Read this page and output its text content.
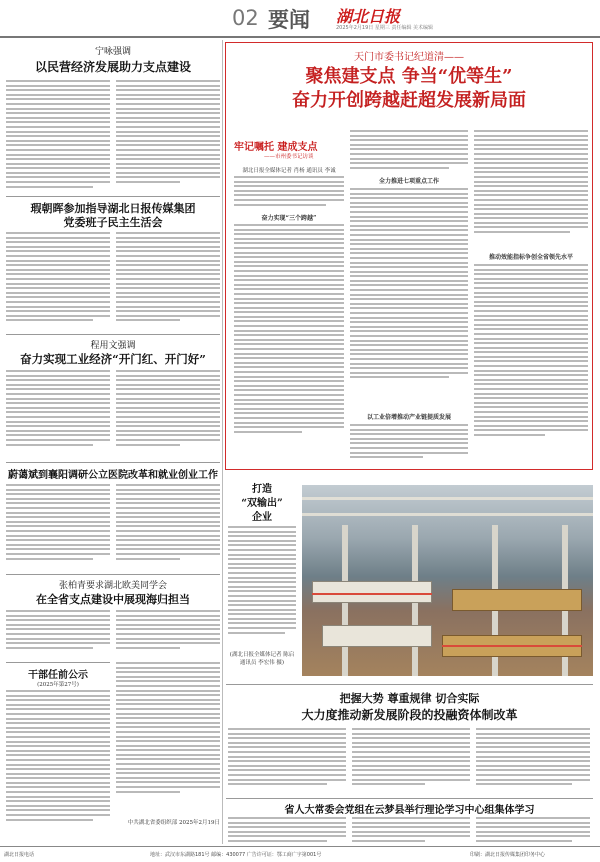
02 要闻 湖北日报
2025年2月19日 星期三 责任编辑 美术编辑
宁咏强调
以民营经济发展助力支点建设
瑕朝晖参加指导湖北日报传媒集团
党委班子民主生活会
程用文强调
奋力实现工业经济“开门红、开门好”
天门市委书记纪道清——
聚焦建支点 争当“优等生”
奋力开创跨越赶超发展新局面
牢记嘱托 建成支点
——市州委书记访谈
湖北日报全媒体记者 肖杨 通讯员 李诚
奋力实现“三个跨越”
全力推进七项重点工作
以工业倍增推动产业链提质发展
推动效能指标争创全省领先水平
蔚蔼斌到襄阳调研公立医院改革和就业创业工作
张柏青要求湖北欧美同学会
在全省支点建设中展现海归担当
干部任前公示
(2025年第27号)
中共湖北省委组织部 2025年2月19日
打造
“双输出”
企业
(湖北日报全媒体记者 陈启 通讯员 李宏伟 摄)
把握大势 尊重规律 切合实际
大力度推动新发展阶段的投融资体制改革
省人大常委会党组在云梦县举行理论学习中心组集体学习
湖北日报电话	地址：武汉市东湖路181号 邮编：430077 广告许可证：鄂工商广字第001号	印刷：湖北日报传媒集团印务中心
